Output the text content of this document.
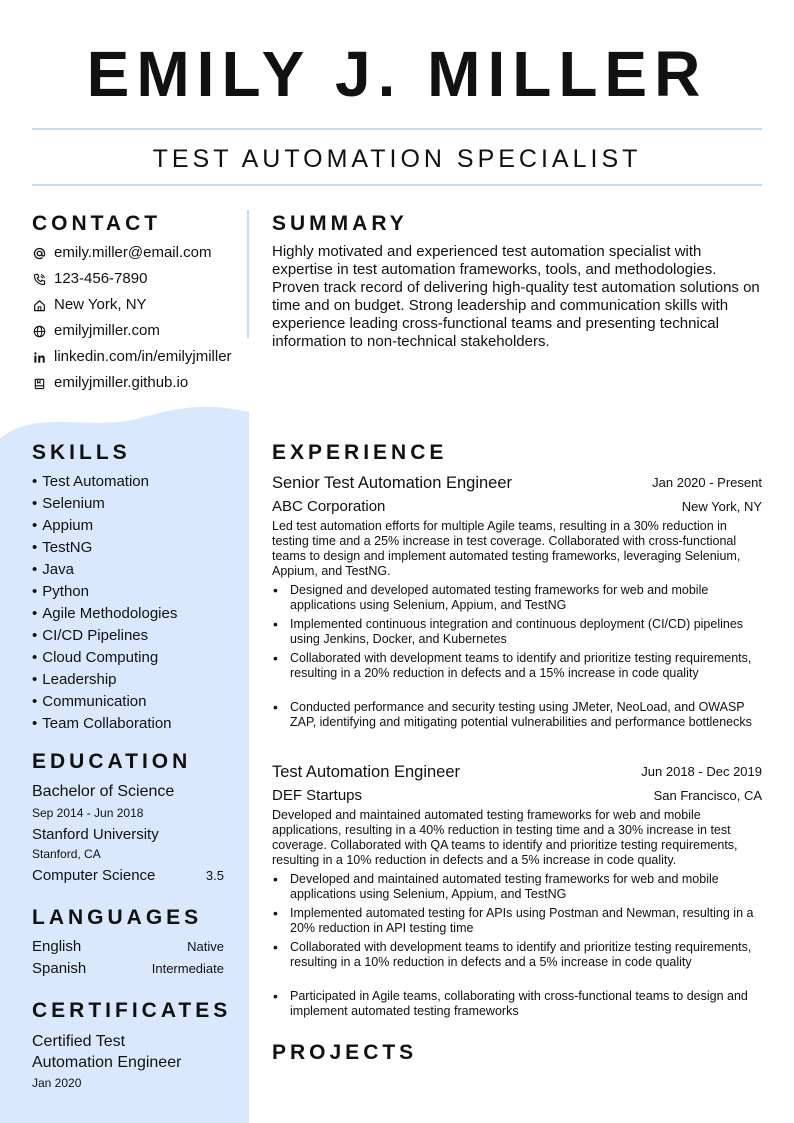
EMILY J. MILLER
TEST AUTOMATION SPECIALIST
CONTACT
emily.miller@email.com
123-456-7890
New York, NY
emilyjmiller.com
linkedin.com/in/emilyjmiller
emilyjmiller.github.io
SKILLS
• Test Automation
• Selenium
• Appium
• TestNG
• Java
• Python
• Agile Methodologies
• CI/CD Pipelines
• Cloud Computing
• Leadership
• Communication
• Team Collaboration
EDUCATION
Bachelor of Science
Sep 2014 - Jun 2018
Stanford University
Stanford, CA
Computer Science	3.5
LANGUAGES
English	Native
Spanish	Intermediate
CERTIFICATES
Certified Test
Automation Engineer
Jan 2020
SUMMARY
Highly motivated and experienced test automation specialist with expertise in test automation frameworks, tools, and methodologies. Proven track record of delivering high-quality test automation solutions on time and on budget. Strong leadership and communication skills with experience leading cross-functional teams and presenting technical information to non-technical stakeholders.
EXPERIENCE
Senior Test Automation Engineer	Jan 2020 - Present
ABC Corporation	New York, NY
Led test automation efforts for multiple Agile teams, resulting in a 30% reduction in testing time and a 25% increase in test coverage. Collaborated with cross-functional teams to design and implement automated testing frameworks, leveraging Selenium, Appium, and TestNG.
• Designed and developed automated testing frameworks for web and mobile applications using Selenium, Appium, and TestNG
• Implemented continuous integration and continuous deployment (CI/CD) pipelines using Jenkins, Docker, and Kubernetes
• Collaborated with development teams to identify and prioritize testing requirements, resulting in a 20% reduction in defects and a 15% increase in code quality
• Conducted performance and security testing using JMeter, NeoLoad, and OWASP ZAP, identifying and mitigating potential vulnerabilities and performance bottlenecks
Test Automation Engineer	Jun 2018 - Dec 2019
DEF Startups	San Francisco, CA
Developed and maintained automated testing frameworks for web and mobile applications, resulting in a 40% reduction in testing time and a 30% increase in test coverage. Collaborated with QA teams to identify and prioritize testing requirements, resulting in a 10% reduction in defects and a 5% increase in code quality.
• Developed and maintained automated testing frameworks for web and mobile applications using Selenium, Appium, and TestNG
• Implemented automated testing for APIs using Postman and Newman, resulting in a 20% reduction in API testing time
• Collaborated with development teams to identify and prioritize testing requirements, resulting in a 10% reduction in defects and a 5% increase in code quality
• Participated in Agile teams, collaborating with cross-functional teams to design and implement automated testing frameworks
PROJECTS
